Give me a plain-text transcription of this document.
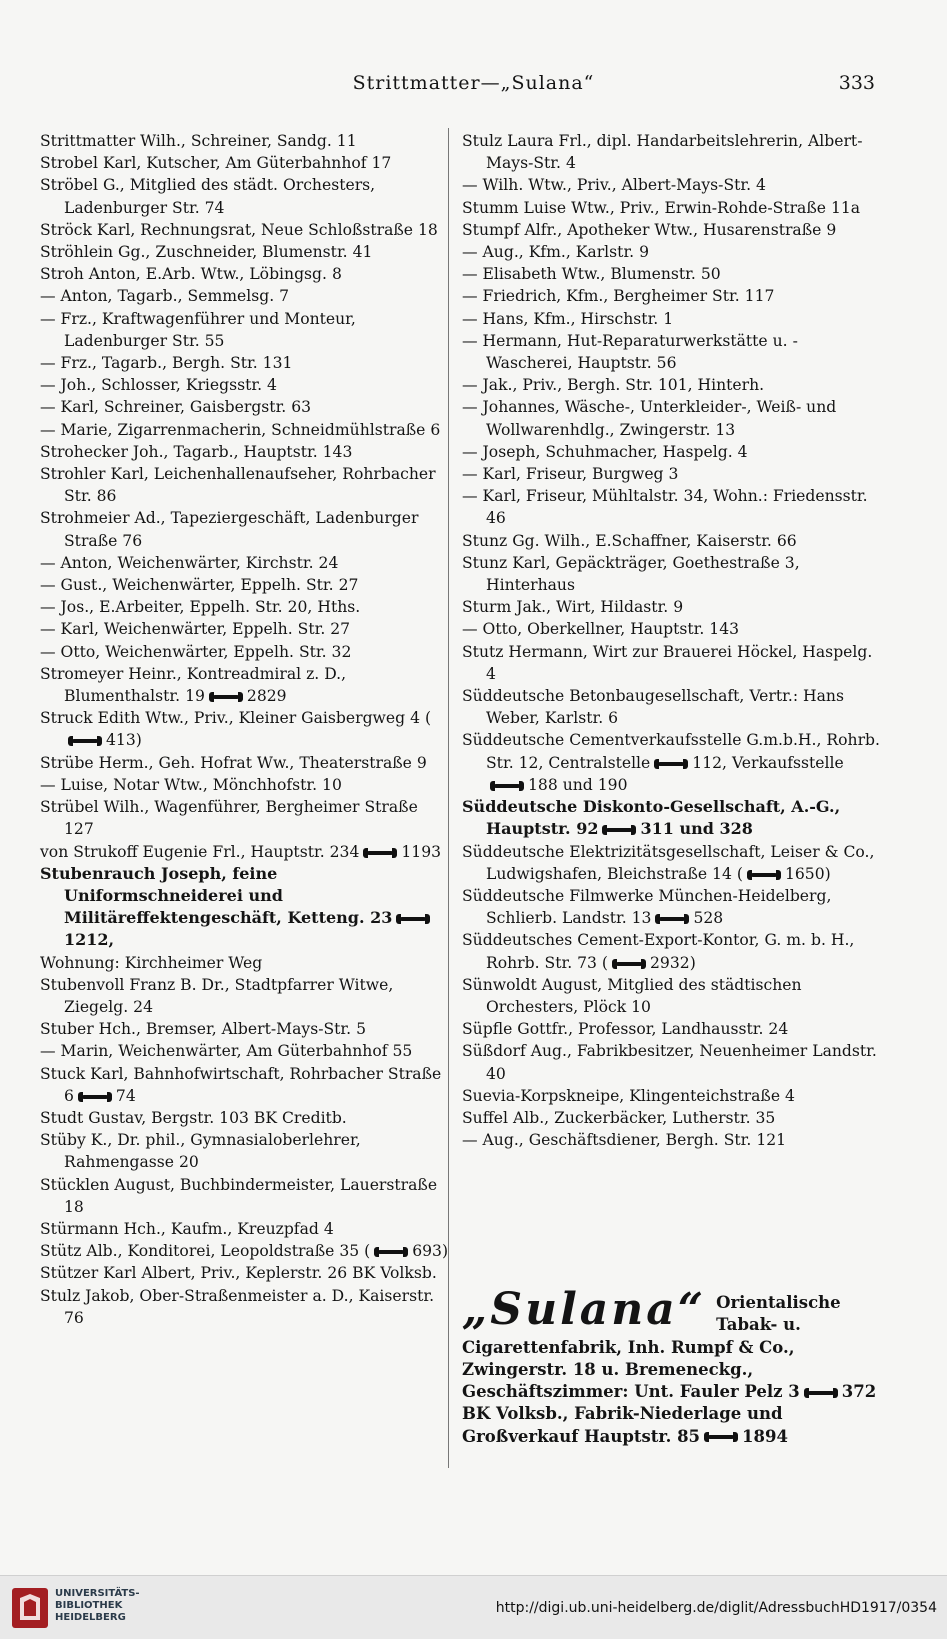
Strittmatter—„Sulana“	333

Strittmatter Wilh., Schreiner, Sandg. 11

Strobel Karl, Kutscher, Am Güterbahnhof 17

Ströbel G., Mitglied des städt. Orchesters, Ladenburger Str. 74

Ströck Karl, Rechnungsrat, Neue Schloßstraße 18

Ströhlein Gg., Zuschneider, Blumenstr. 41

Stroh Anton, E.Arb. Wtw., Löbingsg. 8

— Anton, Tagarb., Semmelsg. 7

— Frz., Kraftwagenführer und Monteur, Ladenburger Str. 55

— Frz., Tagarb., Bergh. Str. 131

— Joh., Schlosser, Kriegsstr. 4

— Karl, Schreiner, Gaisbergstr. 63

— Marie, Zigarrenmacherin, Schneidmühlstraße 6

Strohecker Joh., Tagarb., Hauptstr. 143

Strohler Karl, Leichenhallenaufseher, Rohrbacher Str. 86

Strohmeier Ad., Tapeziergeschäft, Ladenburger Straße 76

— Anton, Weichenwärter, Kirchstr. 24

— Gust., Weichenwärter, Eppelh. Str. 27

— Jos., E.Arbeiter, Eppelh. Str. 20, Hths.

— Karl, Weichenwärter, Eppelh. Str. 27

— Otto, Weichenwärter, Eppelh. Str. 32

Stromeyer Heinr., Kontreadmiral z. D., Blumenthalstr. 19	2829

Struck Edith Wtw., Priv., Kleiner Gaisbergweg 4 (413)

Strübe Herm., Geh. Hofrat Ww., Theaterstraße 9

— Luise, Notar Wtw., Mönchhofstr. 10

Strübel Wilh., Wagenführer, Bergheimer Straße 127

von Strukoff Eugenie Frl., Hauptstr. 234	1193

Stubenrauch Joseph, feine Uniformschneiderei und Militäreffektengeschäft, Ketteng. 231212,

Wohnung: Kirchheimer Weg

Stubenvoll Franz B. Dr., Stadtpfarrer Witwe, Ziegelg. 24

Stuber Hch., Bremser, Albert-Mays-Str. 5

— Marin, Weichenwärter, Am Güterbahnhof 55

Stuck Karl, Bahnhofwirtschaft, Rohrbacher Straße 6	74

Studt Gustav, Bergstr. 103 BK Creditb.

Stüby K., Dr. phil., Gymnasialoberlehrer, Rahmengasse 20

Stücklen August, Buchbindermeister, Lauerstraße 18

Stürmann Hch., Kaufm., Kreuzpfad 4

Stütz Alb., Konditorei, Leopoldstraße 35 (	693)

Stützer Karl Albert, Priv., Keplerstr. 26 BK Volksb.

Stulz Jakob, Ober-Straßenmeister a. D., Kaiserstr. 76

Stulz Laura Frl., dipl. Handarbeitslehrerin, Albert-Mays-Str. 4

— Wilh. Wtw., Priv., Albert-Mays-Str. 4

Stumm Luise Wtw., Priv., Erwin-Rohde-Straße 11a

Stumpf Alfr., Apotheker Wtw., Husarenstraße 9

— Aug., Kfm., Karlstr. 9

— Elisabeth Wtw., Blumenstr. 50

— Friedrich, Kfm., Bergheimer Str. 117

— Hans, Kfm., Hirschstr. 1

— Hermann, Hut-Reparaturwerkstätte u. -Wascherei, Hauptstr. 56

— Jak., Priv., Bergh. Str. 101, Hinterh.

— Johannes, Wäsche-, Unterkleider-, Weiß- und Wollwarenhdlg., Zwingerstr. 13

— Joseph, Schuhmacher, Haspelg. 4

— Karl, Friseur, Burgweg 3

— Karl, Friseur, Mühltalstr. 34, Wohn.: Friedensstr. 46

Stunz Gg. Wilh., E.Schaffner, Kaiserstr. 66

Stunz Karl, Gepäckträger, Goethestraße 3, Hinterhaus

Sturm Jak., Wirt, Hildastr. 9

— Otto, Oberkellner, Hauptstr. 143

Stutz Hermann, Wirt zur Brauerei Höckel, Haspelg. 4

Süddeutsche Betonbaugesellschaft, Vertr.: Hans Weber, Karlstr. 6

Süddeutsche Cementverkaufsstelle G.m.b.H., Rohrb. Str. 12, Centralstelle	112, Verkaufsstelle188 und 190

Süddeutsche Diskonto-Gesellschaft, A.-G., Hauptstr. 92	311 und 328

Süddeutsche Elektrizitätsgesellschaft, Leiser & Co., Ludwigshafen, Bleichstraße 14 (	1650)

Süddeutsche Filmwerke München-Heidelberg, Schlierb. Landstr. 13	528

Süddeutsches Cement-Export-Kontor, G. m. b. H., Rohrb. Str. 73 (	2932)

Sünwoldt August, Mitglied des städtischen Orchesters, Plöck 10

Süpfle Gottfr., Professor, Landhausstr. 24

Süßdorf Aug., Fabrikbesitzer, Neuenheimer Landstr. 40

Suevia-Korpskneipe, Klingenteichstraße 4

Suffel Alb., Zuckerbäcker, Lutherstr. 35

— Aug., Geschäftsdiener, Bergh. Str. 121

„Sulana“ Orientalische Tabak- u. Cigarettenfabrik, Inh. Rumpf & Co., Zwingerstr. 18 u. Bremeneckg., Geschäftszimmer: Unt. Fauler Pelz 3	372 BK Volksb., Fabrik-Niederlage und Großverkauf Hauptstr. 85	1894
UNIVERSITÄTS-
BIBLIOTHEK
HEIDELBERG
http://digi.ub.uni-heidelberg.de/diglit/AdressbuchHD1917/0354
